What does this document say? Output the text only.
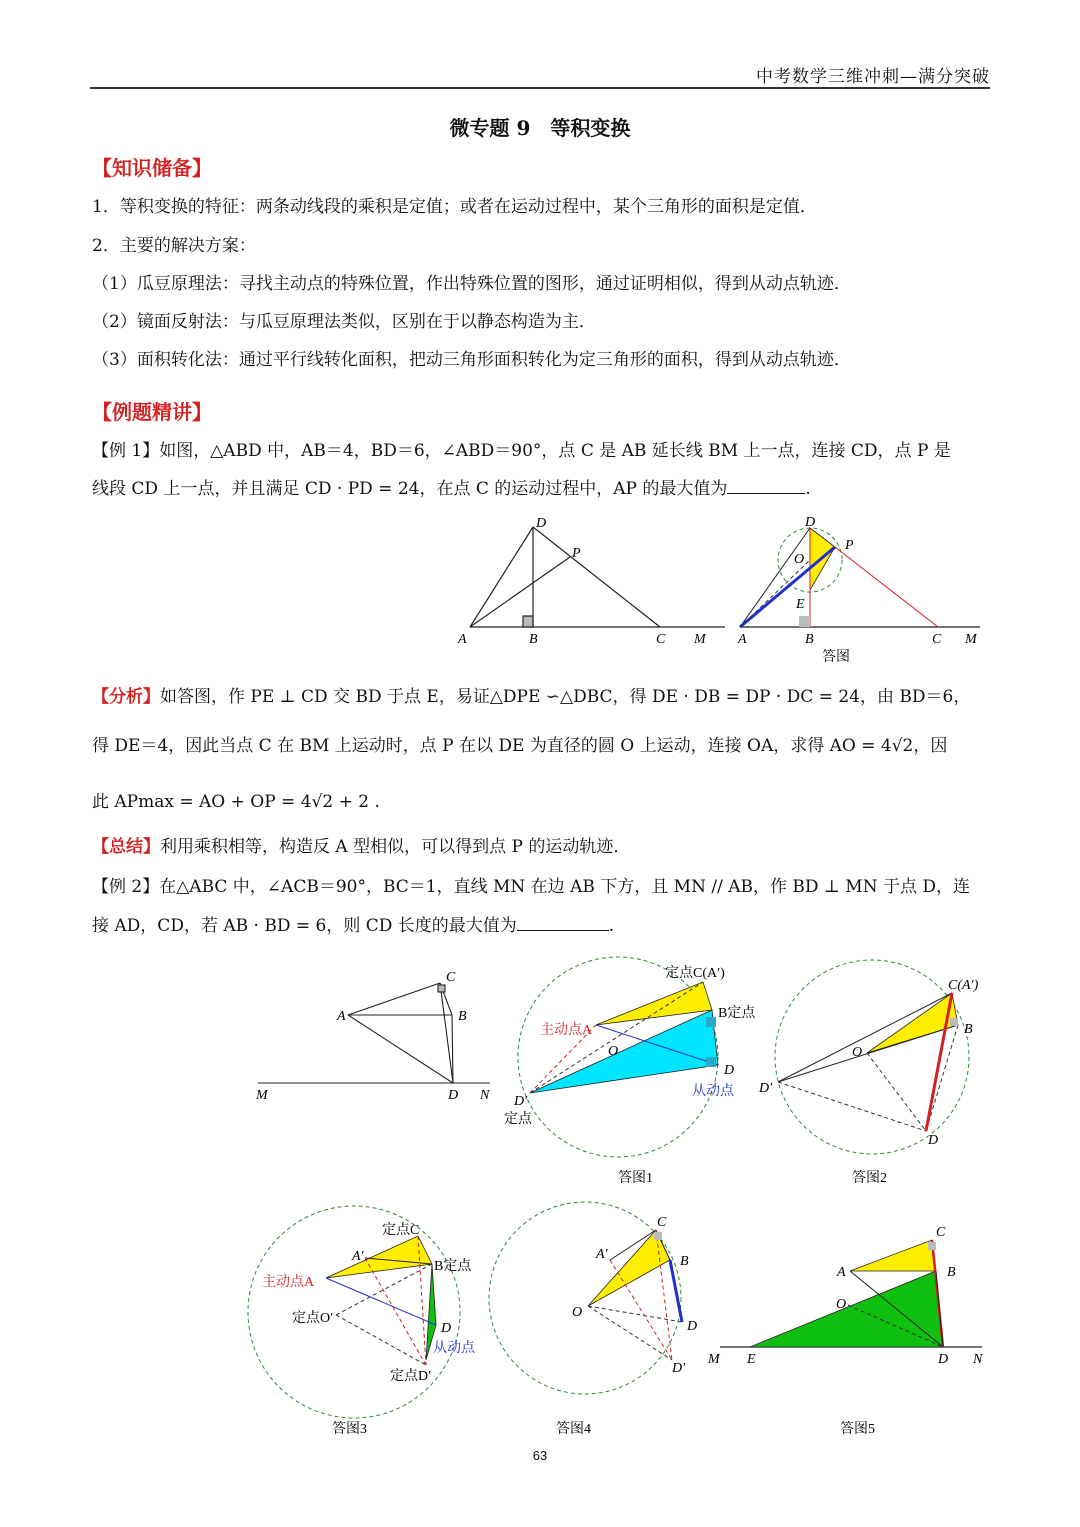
中考数学三维冲刺—满分突破
微专题 9　等积变换
【知识储备】
1．等积变换的特征：两条动线段的乘积是定值；或者在运动过程中，某个三角形的面积是定值．
2．主要的解决方案：
（1）瓜豆原理法：寻找主动点的特殊位置，作出特殊位置的图形，通过证明相似，得到从动点轨迹．
（2）镜面反射法：与瓜豆原理法类似，区别在于以静态构造为主．
（3）面积转化法：通过平行线转化面积，把动三角形面积转化为定三角形的面积，得到从动点轨迹．
【例题精讲】
【例 1】如图，△ABD 中，AB＝4，BD＝6，∠ABD＝90°，点 C 是 AB 延长线 BM 上一点，连接 CD，点 P 是
线段 CD 上一点，并且满足 CD · PD = 24，在点 C 的运动过程中，AP 的最大值为	.
D
P
A	B	C M
D
P
O
E
A	B	C M
答图
【分析】如答图，作 PE ⊥ CD 交 BD 于点 E，易证△DPE ∽△DBC，得 DE · DB = DP · DC = 24，由 BD＝6，
得 DE＝4，因此当点 C 在 BM 上运动时，点 P 在以 DE 为直径的圆 O 上运动，连接 OA，求得 AO = 4√2，因
此 APmax = AO + OP = 4√2 + 2 .
【总结】利用乘积相等，构造反 A 型相似，可以得到点 P 的运动轨迹．
【例 2】在△ABC 中，∠ACB＝90°，BC＝1，直线 MN 在边 AB 下方，且 MN // AB，作 BD ⊥ MN 于点 D，连
接 AD，CD，若 AB · BD = 6，则 CD 长度的最大值为	.
C
A	B
M	D N
O
定点C(A′)
B定点
主动点A
D
从动点
D′
定点
答图1
O
C(A′)
B
D′
D
答图2
定点C
A′
B定点
主动点A
定点O′
D
从动点
定点D′
答图3
C
A′	B
O
D
D′
答图4
C
A	B
O
M E	D N
答图5
63
